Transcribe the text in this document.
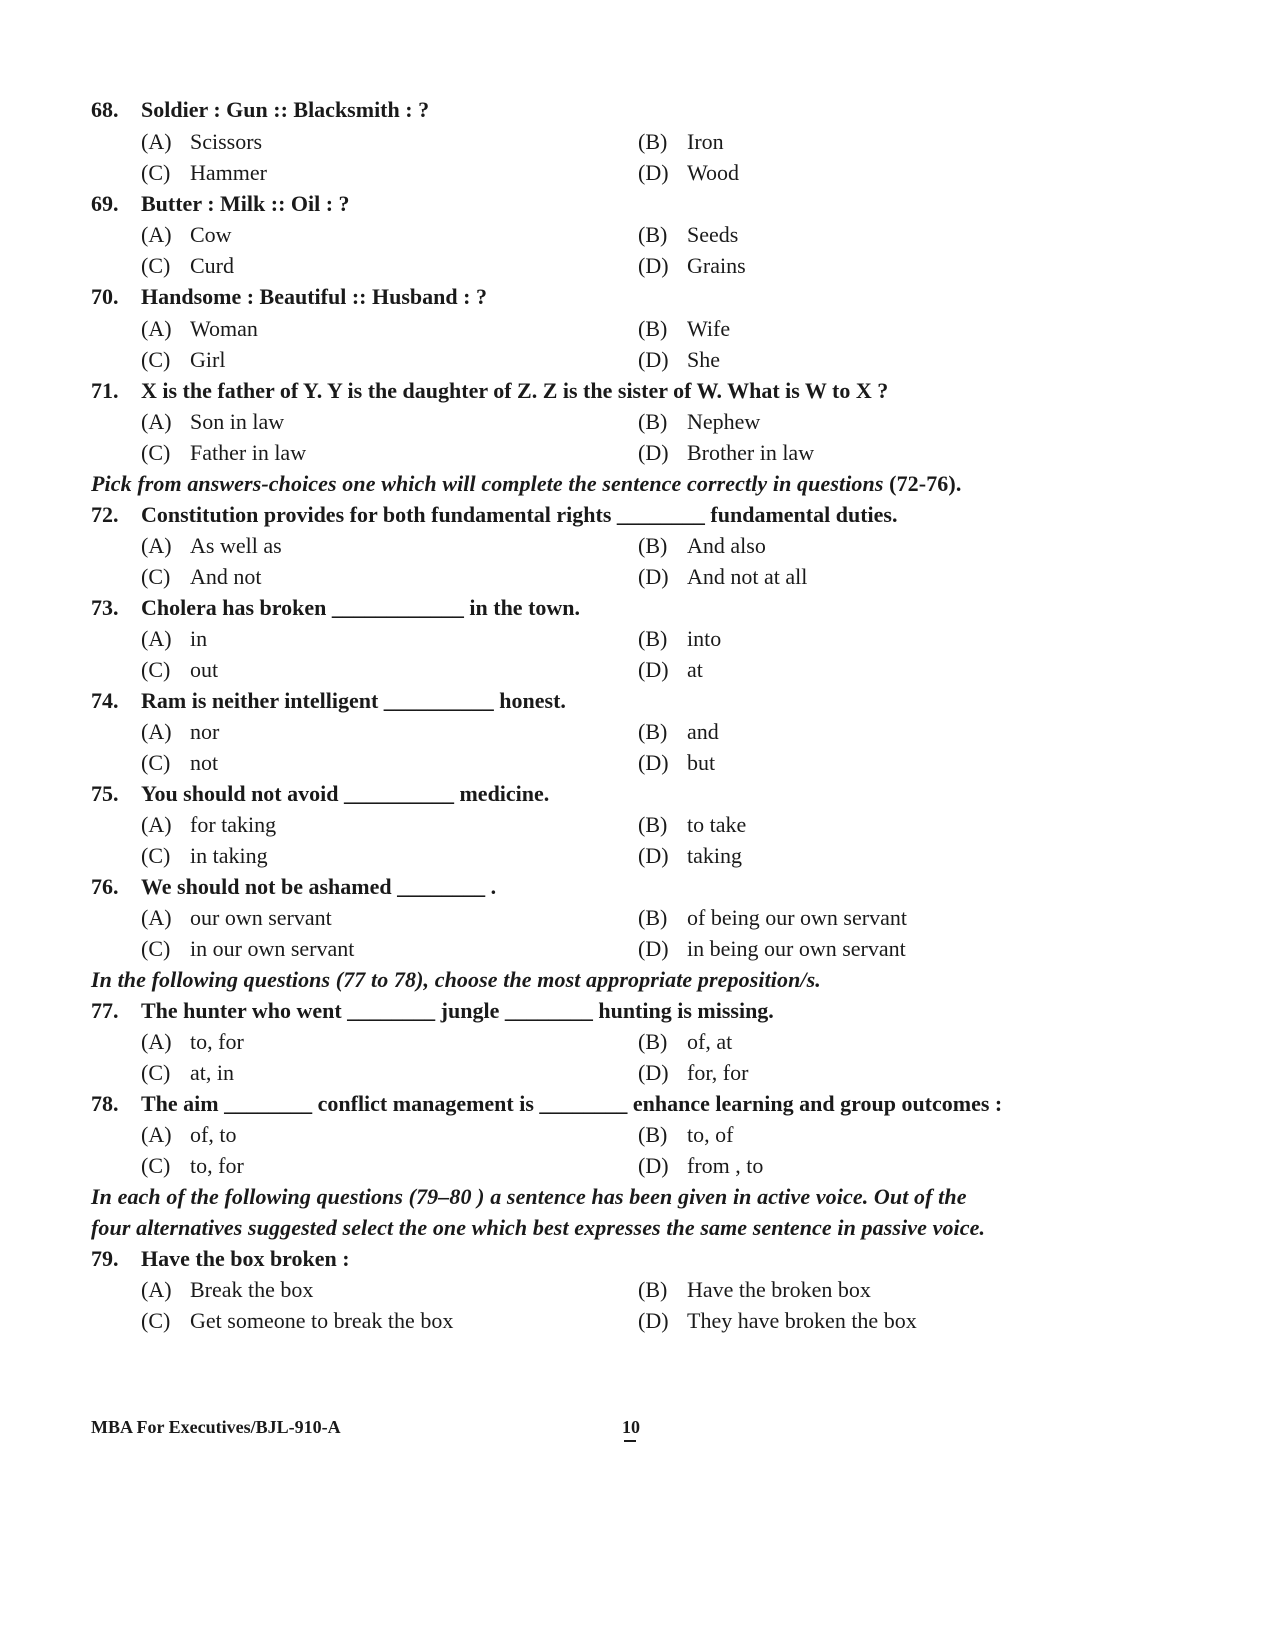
68. Soldier : Gun :: Blacksmith : ?
(A) Scissors	(B) Iron
(C) Hammer	(D) Wood
69. Butter : Milk :: Oil : ?
(A) Cow	(B) Seeds
(C) Curd	(D) Grains
70. Handsome : Beautiful :: Husband : ?
(A) Woman	(B) Wife
(C) Girl	(D) She
71. X is the father of Y. Y is the daughter of Z. Z is the sister of W. What is W to X ?
(A) Son in law	(B) Nephew
(C) Father in law	(D) Brother in law
Pick from answers-choices one which will complete the sentence correctly in questions (72-76).
72. Constitution provides for both fundamental rights ________ fundamental duties.
(A) As well as	(B) And also
(C) And not	(D) And not at all
73. Cholera has broken ____________ in the town.
(A) in	(B) into
(C) out	(D) at
74. Ram is neither intelligent __________ honest.
(A) nor	(B) and
(C) not	(D) but
75. You should not avoid __________ medicine.
(A) for taking	(B) to take
(C) in taking	(D) taking
76. We should not be ashamed ________ .
(A) our own servant	(B) of being our own servant
(C) in our own servant	(D) in being our own servant
In the following questions (77 to 78), choose the most appropriate preposition/s.
77. The hunter who went ________ jungle ________ hunting is missing.
(A) to, for	(B) of, at
(C) at, in	(D) for, for
78. The aim ________ conflict management is ________ enhance learning and group outcomes :
(A) of, to	(B) to, of
(C) to, for	(D) from , to
In each of the following questions (79–80 ) a sentence has been given in active voice. Out of the
four alternatives suggested select the one which best expresses the same sentence in passive voice.
79. Have the box broken :
(A) Break the box	(B) Have the broken box
(C) Get someone to break the box	(D) They have broken the box
MBA For Executives/BJL-910-A	10
